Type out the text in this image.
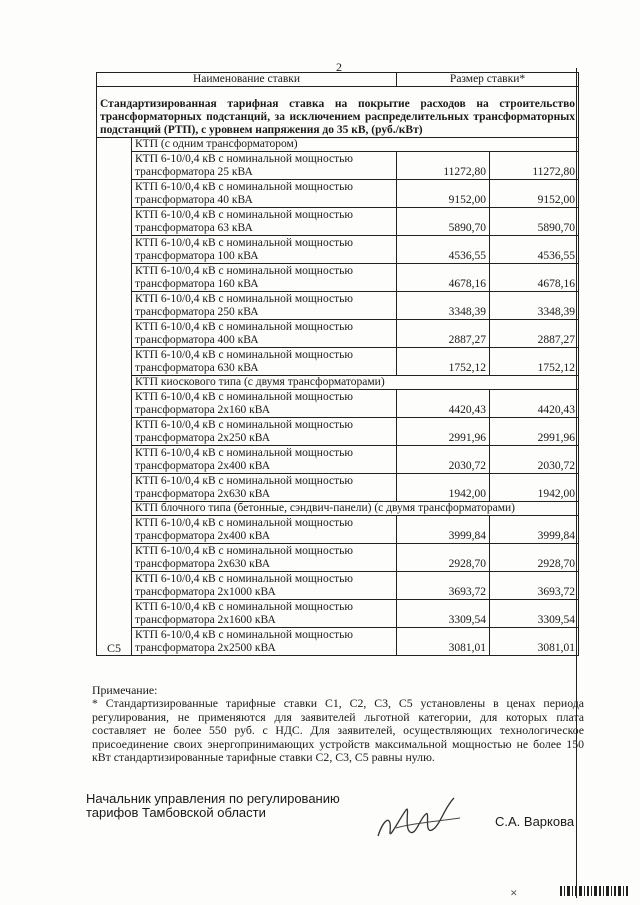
2
Наименование ставки		Размер ставки*	
Стандартизированная тарифная ставка на покрытие расходов на строительство трансформаторных подстанций, за исключением распределительных трансформаторных подстанций (РТП), с уровнем напряжения до 35 кВ, (руб./кВт)			
С5	КТП (с одним трансформатором)		
	КТП 6-10/0,4 кВ с номинальной мощностью трансформатора 25 кВА	11272,80	11272,80
	КТП 6-10/0,4 кВ с номинальной мощностью трансформатора 40 кВА	9152,00	9152,00
	КТП 6-10/0,4 кВ с номинальной мощностью трансформатора 63 кВА	5890,70	5890,70
	КТП 6-10/0,4 кВ с номинальной мощностью трансформатора 100 кВА	4536,55	4536,55
	КТП 6-10/0,4 кВ с номинальной мощностью трансформатора 160 кВА	4678,16	4678,16
	КТП 6-10/0,4 кВ с номинальной мощностью трансформатора 250 кВА	3348,39	3348,39
	КТП 6-10/0,4 кВ с номинальной мощностью трансформатора 400 кВА	2887,27	2887,27
	КТП 6-10/0,4 кВ с номинальной мощностью трансформатора 630 кВА	1752,12	1752,12
	КТП киоскового типа (с двумя трансформаторами)		
	КТП 6-10/0,4 кВ с номинальной мощностью трансформатора 2х160 кВА	4420,43	4420,43
	КТП 6-10/0,4 кВ с номинальной мощностью трансформатора 2х250 кВА	2991,96	2991,96
	КТП 6-10/0,4 кВ с номинальной мощностью трансформатора 2х400 кВА	2030,72	2030,72
	КТП 6-10/0,4 кВ с номинальной мощностью трансформатора 2х630 кВА	1942,00	1942,00
	КТП блочного типа (бетонные, сэндвич-панели) (с двумя трансформаторами)		
	КТП 6-10/0,4 кВ с номинальной мощностью трансформатора 2х400 кВА	3999,84	3999,84
	КТП 6-10/0,4 кВ с номинальной мощностью трансформатора 2х630 кВА	2928,70	2928,70
	КТП 6-10/0,4 кВ с номинальной мощностью трансформатора 2х1000 кВА	3693,72	3693,72
	КТП 6-10/0,4 кВ с номинальной мощностью трансформатора 2х1600 кВА	3309,54	3309,54
	КТП 6-10/0,4 кВ с номинальной мощностью трансформатора 2х2500 кВА	3081,01	3081,01
Примечание:
* Стандартизированные тарифные ставки С1, С2, С3, С5 установлены в ценах периода регулирования, не применяются для заявителей льготной категории, для которых плата составляет не более 550 руб. с НДС. Для заявителей, осуществляющих технологическое присоединение своих энергопринимающих устройств максимальной мощностью не более 150 кВт стандартизированные тарифные ставки С2, С3, С5 равны нулю.
Начальник управления по регулированию тарифов Тамбовской области
С.А. Варкова
✕
